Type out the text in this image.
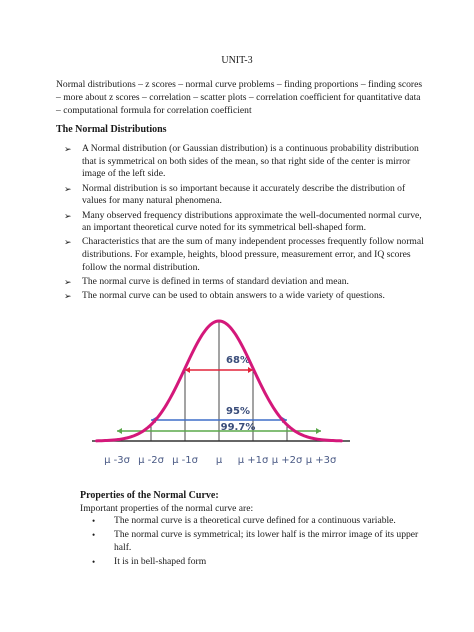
UNIT-3
Normal distributions – z scores – normal curve problems – finding proportions – finding scores – more about z scores – correlation – scatter plots – correlation coefficient for quantitative data – computational formula for correlation coefficient
The Normal Distributions
➢ A Normal distribution (or Gaussian distribution) is a continuous probability distribution that is symmetrical on both sides of the mean, so that right side of the center is mirror image of the left side.
➢ Normal distribution is so important because it accurately describe the distribution of values for many natural phenomena.
➢ Many observed frequency distributions approximate the well-documented normal curve, an important theoretical curve noted for its symmetrical bell-shaped form.
➢ Characteristics that are the sum of many independent processes frequently follow normal distributions. For example, heights, blood pressure, measurement error, and IQ scores follow the normal distribution.
➢ The normal curve is defined in terms of standard deviation and mean.
➢ The normal curve can be used to obtain answers to a wide variety of questions.
68%
95%
99.7%
μ -3σ μ -2σ μ -1σ μ μ +1σ μ +2σ μ +3σ
Properties of the Normal Curve:
Important properties of the normal curve are:
• The normal curve is a theoretical curve defined for a continuous variable.
• The normal curve is symmetrical; its lower half is the mirror image of its upper half.
• It is in bell-shaped form
